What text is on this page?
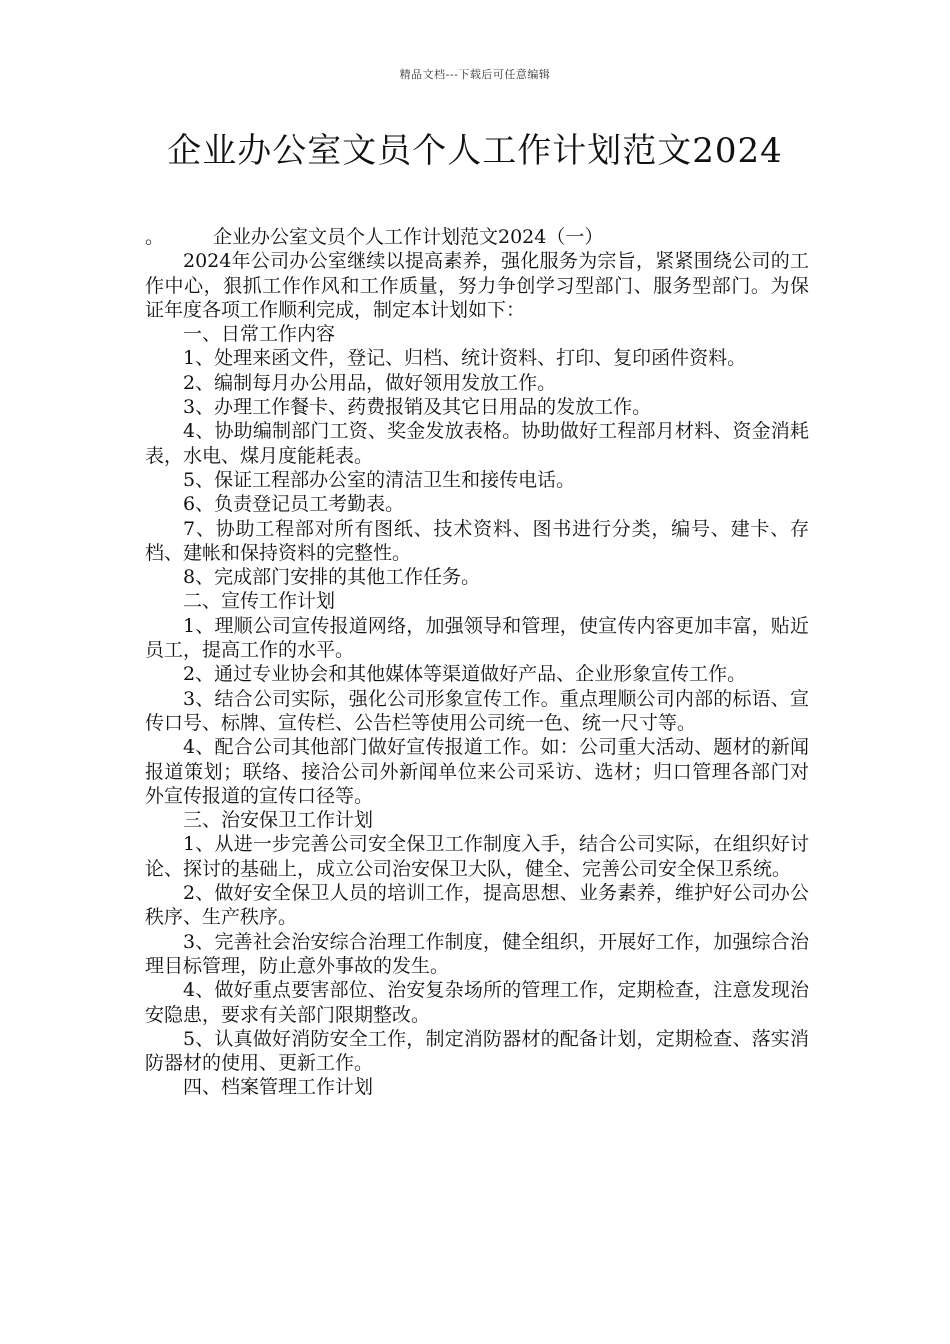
精品文档---下载后可任意编辑
企业办公室文员个人工作计划范文2024

。	企业办公室文员个人工作计划范文2024（一）

2024年公司办公室继续以提高素养，强化服务为宗旨，紧紧围绕公司的工作中心，狠抓工作作风和工作质量，努力争创学习型部门、服务型部门。为保证年度各项工作顺利完成，制定本计划如下：

一、日常工作内容

1、处理来函文件，登记、归档、统计资料、打印、复印函件资料。

2、编制每月办公用品，做好领用发放工作。

3、办理工作餐卡、药费报销及其它日用品的发放工作。

4、协助编制部门工资、奖金发放表格。协助做好工程部月材料、资金消耗表，水电、煤月度能耗表。

5、保证工程部办公室的清洁卫生和接传电话。

6、负责登记员工考勤表。

7、协助工程部对所有图纸、技术资料、图书进行分类，编号、建卡、存档、建帐和保持资料的完整性。

8、完成部门安排的其他工作任务。

二、宣传工作计划

1、理顺公司宣传报道网络，加强领导和管理，使宣传内容更加丰富，贴近员工，提高工作的水平。

2、通过专业协会和其他媒体等渠道做好产品、企业形象宣传工作。

3、结合公司实际，强化公司形象宣传工作。重点理顺公司内部的标语、宣传口号、标牌、宣传栏、公告栏等使用公司统一色、统一尺寸等。

4、配合公司其他部门做好宣传报道工作。如：公司重大活动、题材的新闻报道策划；联络、接洽公司外新闻单位来公司采访、选材；归口管理各部门对外宣传报道的宣传口径等。

三、治安保卫工作计划

1、从进一步完善公司安全保卫工作制度入手，结合公司实际，在组织好讨论、探讨的基础上，成立公司治安保卫大队，健全、完善公司安全保卫系统。

2、做好安全保卫人员的培训工作，提高思想、业务素养，维护好公司办公秩序、生产秩序。

3、完善社会治安综合治理工作制度，健全组织，开展好工作，加强综合治理目标管理，防止意外事故的发生。

4、做好重点要害部位、治安复杂场所的管理工作，定期检查，注意发现治安隐患，要求有关部门限期整改。

5、认真做好消防安全工作，制定消防器材的配备计划，定期检查、落实消防器材的使用、更新工作。

四、档案管理工作计划
